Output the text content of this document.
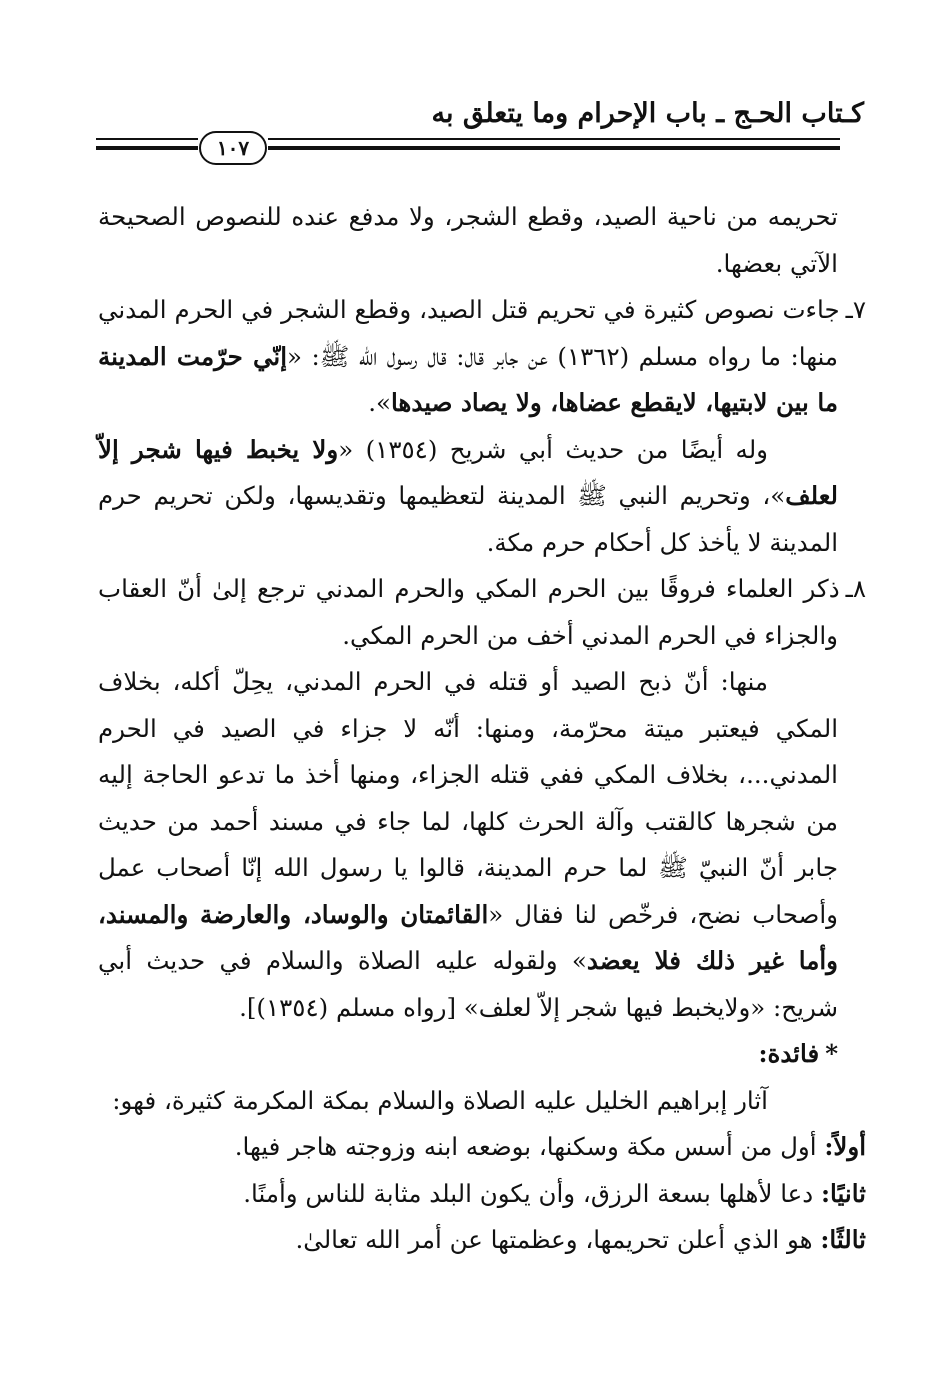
كـتاب الحـج ـ باب الإحرام وما يتعلق به
١٠٧

تحريمه من ناحية الصيد، وقطع الشجر، ولا مدفع عنده للنصوص الصحيحة الآتي بعضها.

٧ـجاءت نصوص كثيرة في تحريم قتل الصيد، وقطع الشجر في الحرم المدني منها: ما رواه مسلم (١٣٦٢) عن جابر قال: قال رسول الله ﷺ: «إنّي حرّمت المدينة ما بين لابتيها، لايقطع عضاها، ولا يصاد صيدها».

وله أيضًا من حديث أبي شريح (١٣٥٤) «ولا يخبط فيها شجر إلاّ لعلف»، وتحريم النبي ﷺ المدينة لتعظيمها وتقديسها، ولكن تحريم حرم المدينة لا يأخذ كل أحكام حرم مكة.

٨ـذكر العلماء فروقًا بين الحرم المكي والحرم المدني ترجع إلىٰ أنّ العقاب والجزاء في الحرم المدني أخف من الحرم المكي.

منها: أنّ ذبح الصيد أو قتله في الحرم المدني، يحِلّ أكله، بخلاف المكي فيعتبر ميتة محرّمة، ومنها: أنّه لا جزاء في الصيد في الحرم المدني...، بخلاف المكي ففي قتله الجزاء، ومنها أخذ ما تدعو الحاجة إليه من شجرها كالقتب وآلة الحرث كلها، لما جاء في مسند أحمد من حديث جابر أنّ النبيّ ﷺ لما حرم المدينة، قالوا يا رسول الله إنّا أصحاب عمل وأصحاب نضح، فرخّص لنا فقال «القائمتان والوساد، والعارضة والمسند، وأما غير ذلك فلا يعضد» ولقوله عليه الصلاة والسلام في حديث أبي شريح: «ولايخبط فيها شجر إلاّ لعلف» [رواه مسلم (١٣٥٤)].

*فائدة:

آثار إبراهيم الخليل عليه الصلاة والسلام بمكة المكرمة كثيرة، فهو:

أولاً: أول من أسس مكة وسكنها، بوضعه ابنه وزوجته هاجر فيها.

ثانيًا: دعا لأهلها بسعة الرزق، وأن يكون البلد مثابة للناس وأمنًا.

ثالثًا: هو الذي أعلن تحريمها، وعظمتها عن أمر الله تعالىٰ.
